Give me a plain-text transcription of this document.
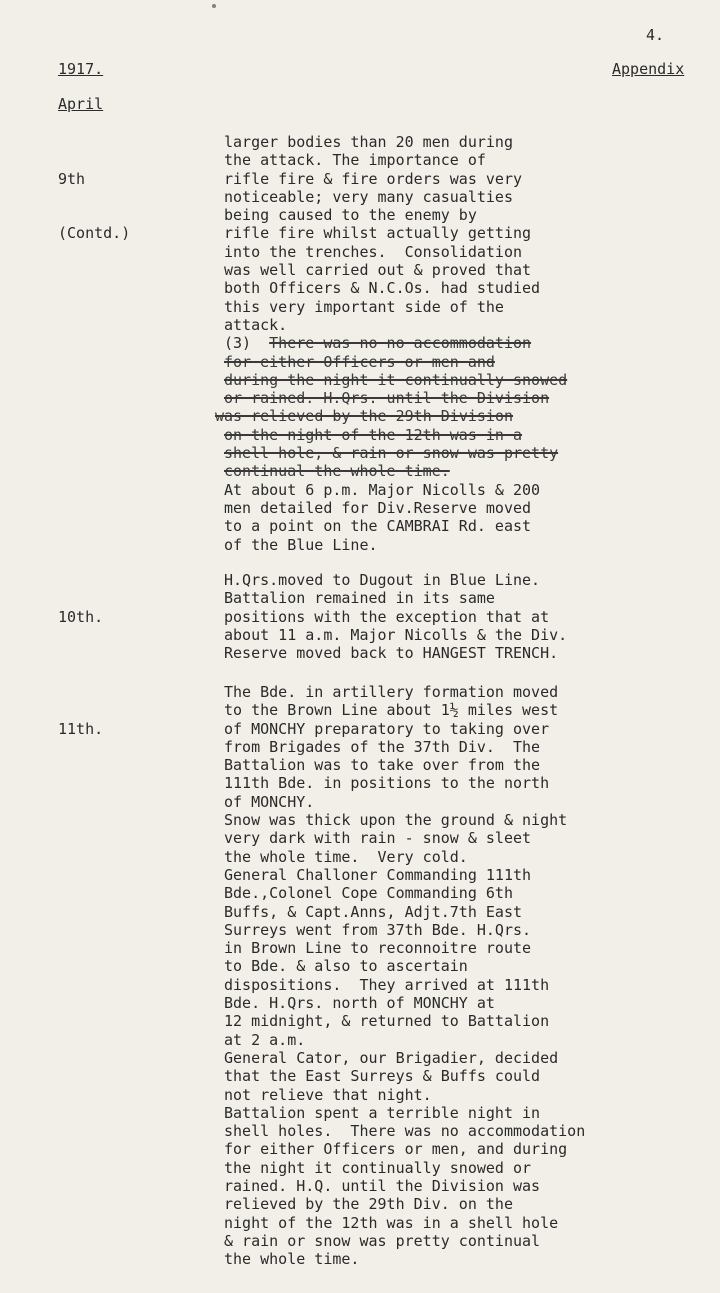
4.
1917.	Appendix
April

9th

(Contd.)

larger bodies than 20 men during
the attack. The importance of
rifle fire & fire orders was very
noticeable; very many casualties
being caused to the enemy by
rifle fire whilst actually getting
into the trenches.  Consolidation
was well carried out & proved that
both Officers & N.C.Os. had studied
this very important side of the
attack.
(3)  There was no no accommodation
for either Officers or men and
during the night it continually snowed
or rained. H.Qrs. until the Division
was relieved by the 29th Division
on the night of the 12th was in a
shell hole, & rain or snow was pretty
continual the whole time.
At about 6 p.m. Major Nicolls & 200
men detailed for Div.Reserve moved
to a point on the CAMBRAI Rd. east
of the Blue Line.

10th.

H.Qrs.moved to Dugout in Blue Line.
Battalion remained in its same
positions with the exception that at
about 11 a.m. Major Nicolls & the Div.
Reserve moved back to HANGEST TRENCH.

11th.

The Bde. in artillery formation moved
to the Brown Line about 1½ miles west
of MONCHY preparatory to taking over
from Brigades of the 37th Div.  The
Battalion was to take over from the
111th Bde. in positions to the north
of MONCHY.
Snow was thick upon the ground & night
very dark with rain - snow & sleet
the whole time.  Very cold.
General Challoner Commanding 111th
Bde.,Colonel Cope Commanding 6th
Buffs, & Capt.Anns, Adjt.7th East
Surreys went from 37th Bde. H.Qrs.
in Brown Line to reconnoitre route
to Bde. & also to ascertain
dispositions.  They arrived at 111th
Bde. H.Qrs. north of MONCHY at
12 midnight, & returned to Battalion
at 2 a.m.
General Cator, our Brigadier, decided
that the East Surreys & Buffs could
not relieve that night.
Battalion spent a terrible night in
shell holes.  There was no accommodation
for either Officers or men, and during
the night it continually snowed or
rained. H.Q. until the Division was
relieved by the 29th Div. on the
night of the 12th was in a shell hole
& rain or snow was pretty continual
the whole time.
